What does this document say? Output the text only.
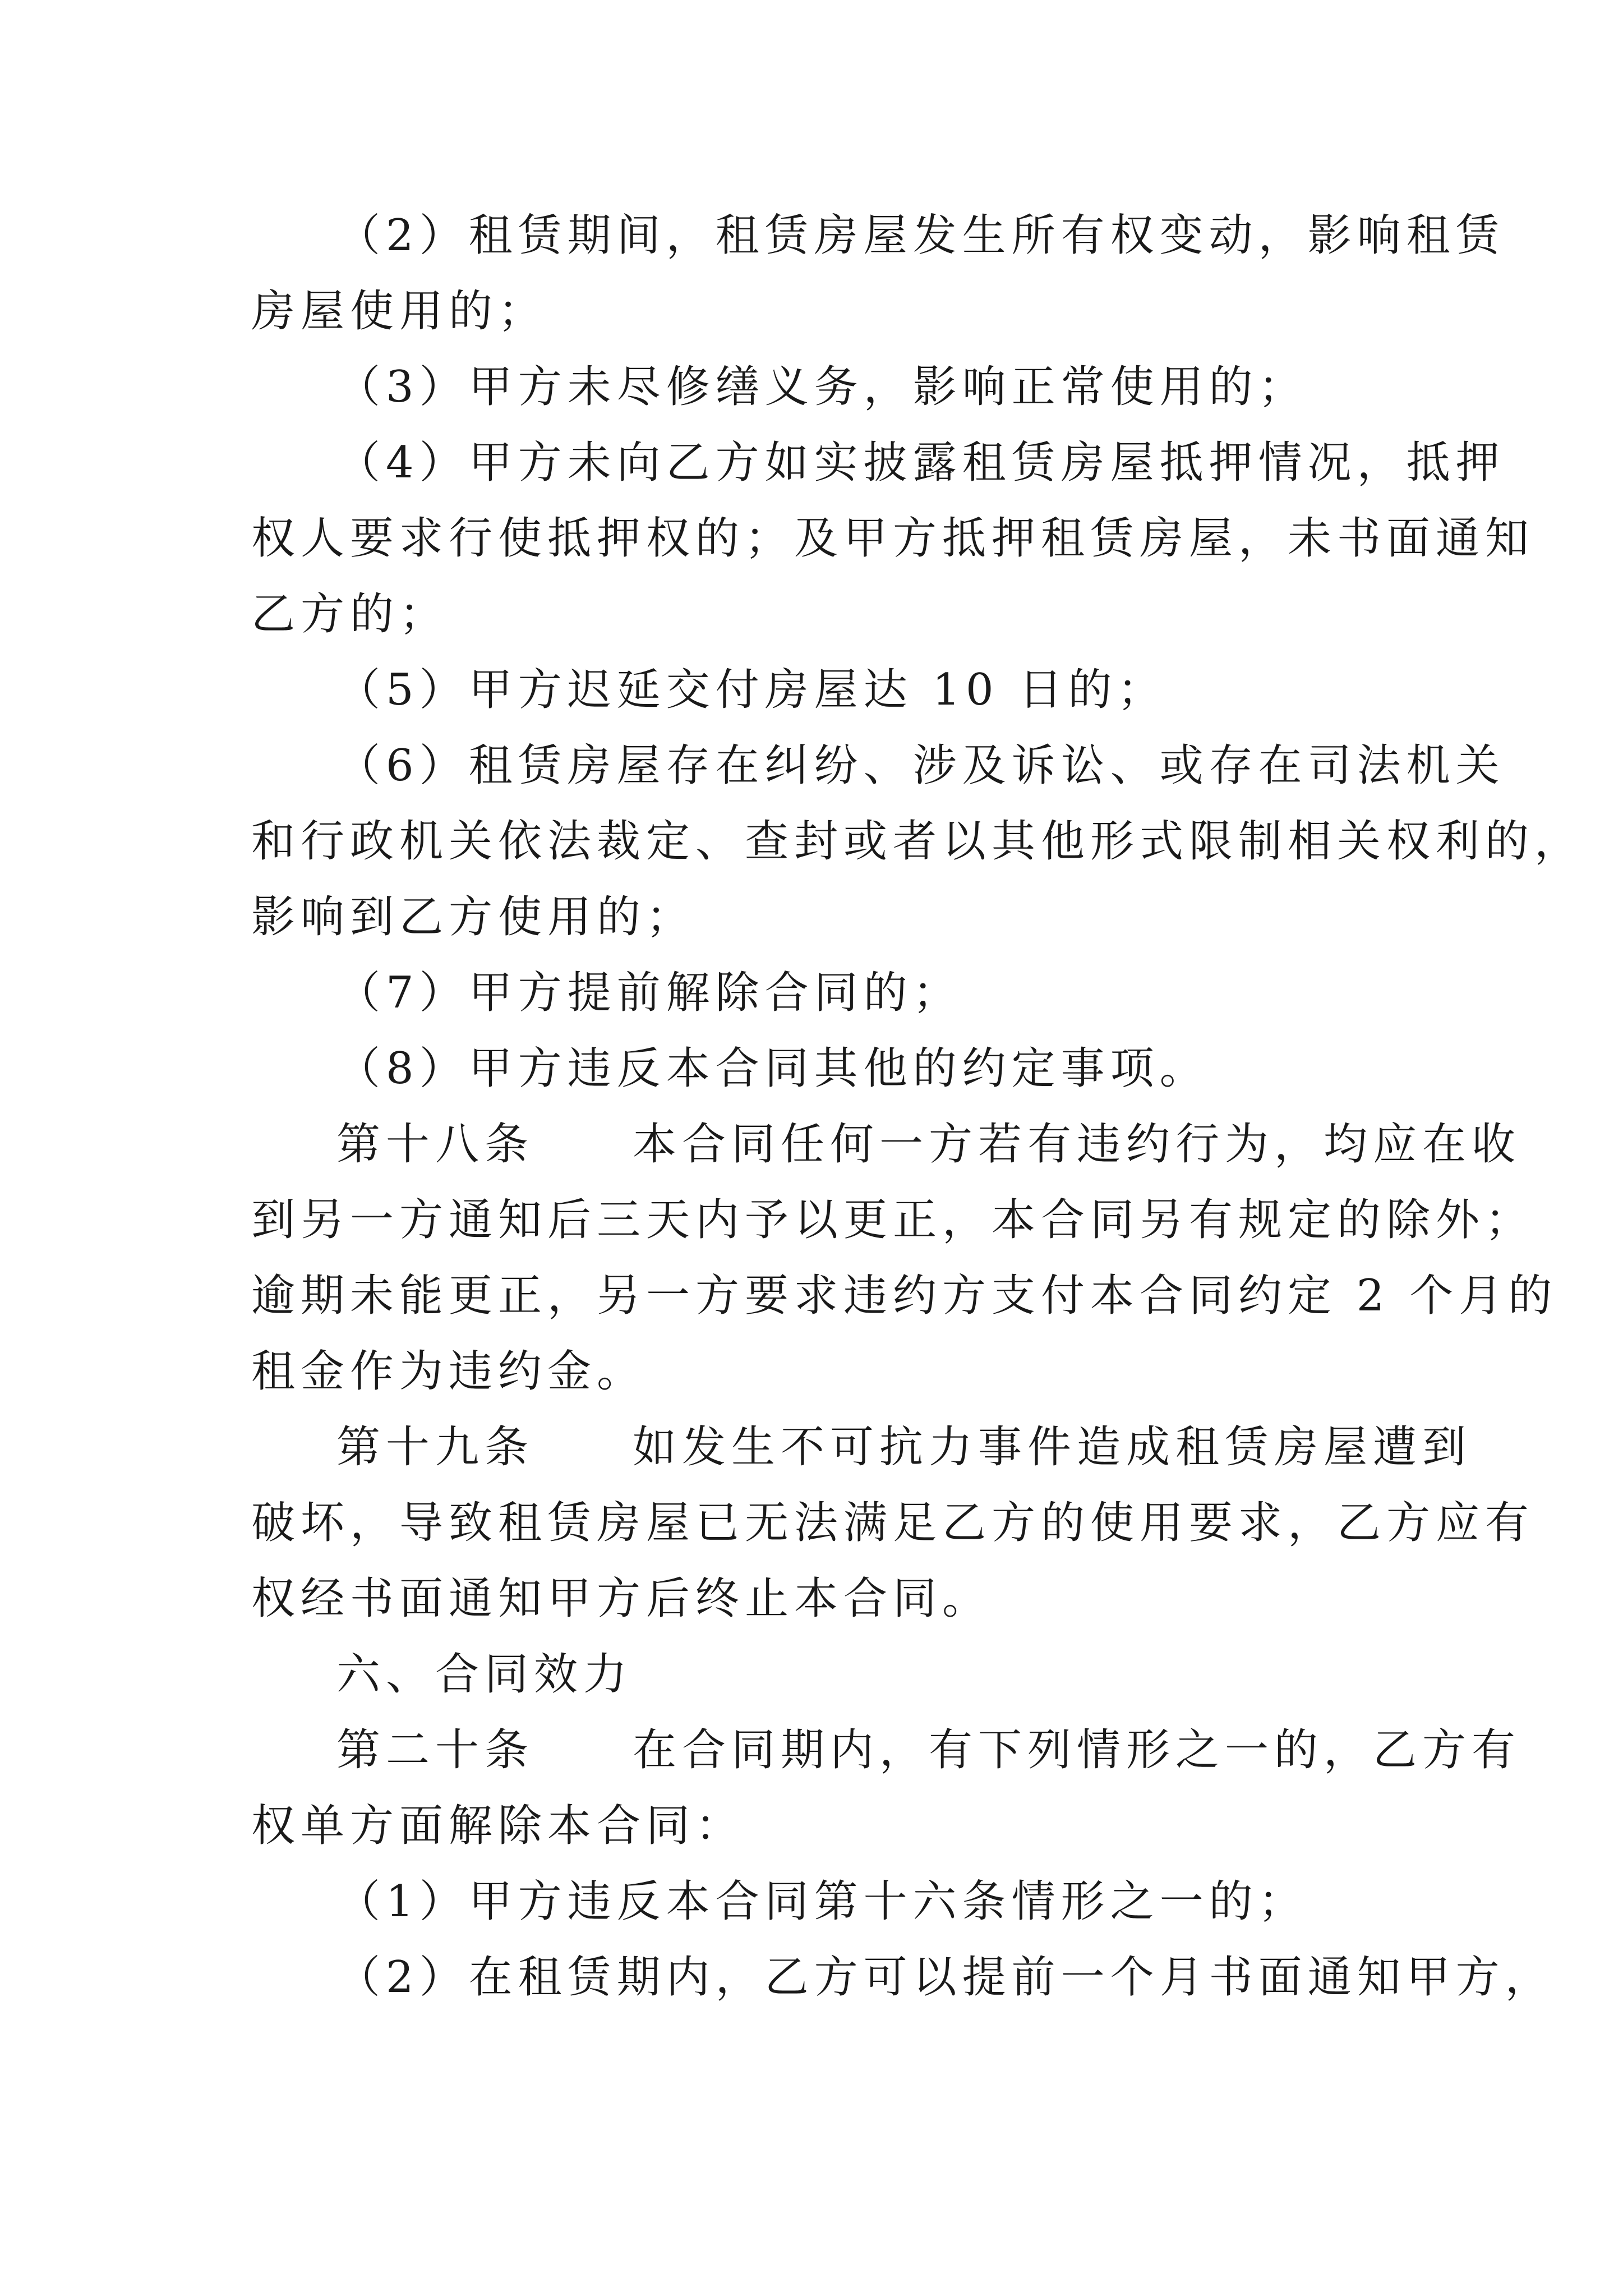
（2）租赁期间，租赁房屋发生所有权变动，影响租赁

房屋使用的；

（3）甲方未尽修缮义务，影响正常使用的；

（4）甲方未向乙方如实披露租赁房屋抵押情况，抵押

权人要求行使抵押权的；及甲方抵押租赁房屋，未书面通知

乙方的；

（5）甲方迟延交付房屋达 10 日的；

（6）租赁房屋存在纠纷、涉及诉讼、或存在司法机关

和行政机关依法裁定、查封或者以其他形式限制相关权利的，

影响到乙方使用的；

（7）甲方提前解除合同的；

（8）甲方违反本合同其他的约定事项。

第十八条　　本合同任何一方若有违约行为，均应在收

到另一方通知后三天内予以更正，本合同另有规定的除外；

逾期未能更正，另一方要求违约方支付本合同约定 2 个月的

租金作为违约金。

第十九条　　如发生不可抗力事件造成租赁房屋遭到

破坏，导致租赁房屋已无法满足乙方的使用要求，乙方应有

权经书面通知甲方后终止本合同。

六、合同效力

第二十条　　在合同期内，有下列情形之一的，乙方有

权单方面解除本合同：

（1）甲方违反本合同第十六条情形之一的；

（2）在租赁期内，乙方可以提前一个月书面通知甲方，
